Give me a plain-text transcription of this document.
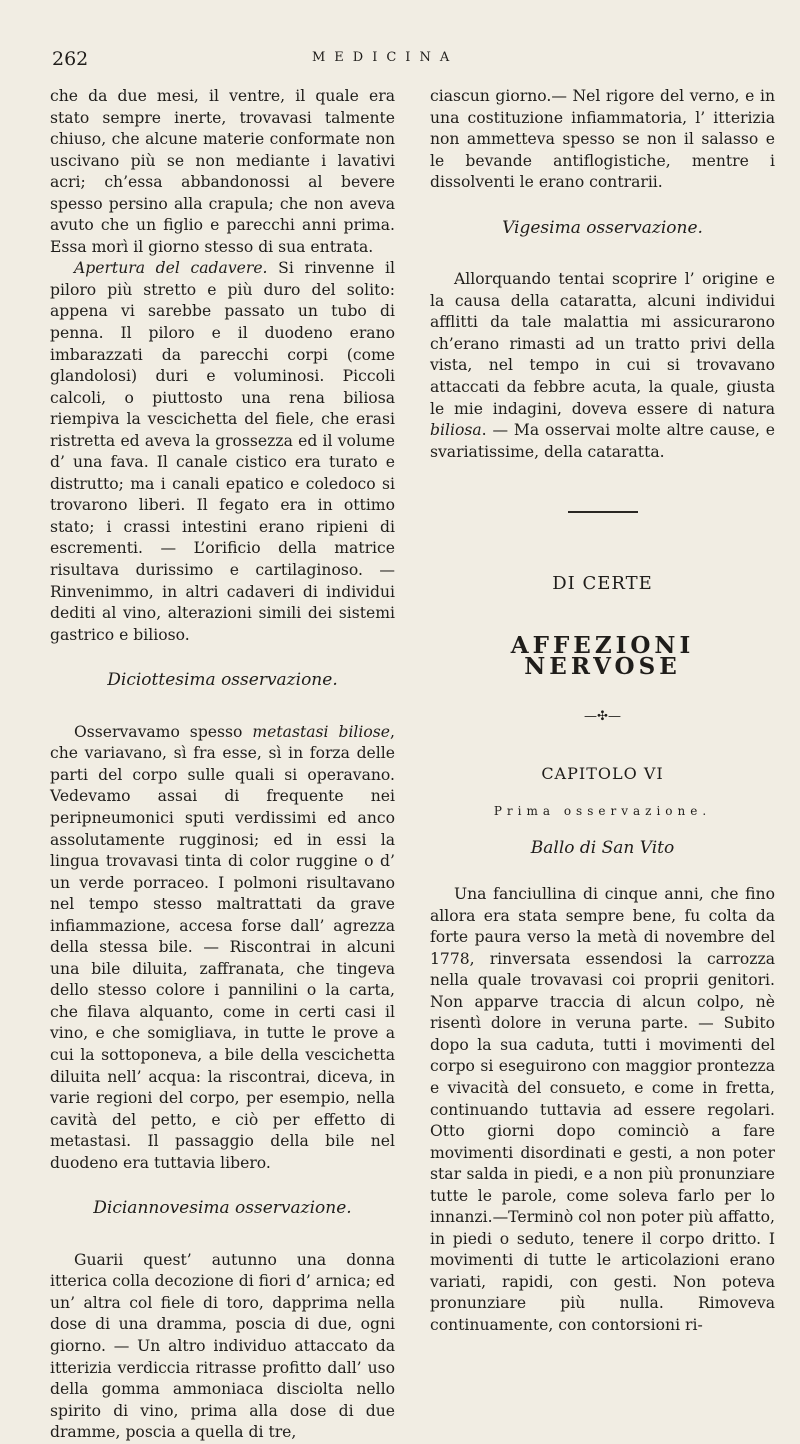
262	MEDICINA

che da due mesi, il ventre, il quale era stato sempre inerte, trovavasi talmente chiuso, che alcune materie conformate non uscivano più se non mediante i lavativi acri; ch’essa abbandonossi al bevere spesso persino alla crapula; che non aveva avuto che un figlio e parecchi anni prima. Essa morì il giorno stesso di sua entrata.

Apertura del cadavere. Si rinvenne il piloro più stretto e più duro del solito: appena vi sarebbe passato un tubo di penna. Il piloro e il duodeno erano imbarazzati da parecchi corpi (come glandolosi) duri e voluminosi. Piccoli calcoli, o piuttosto una rena biliosa riempiva la vescichetta del fiele, che erasi ristretta ed aveva la grossezza ed il volume d’ una fava. Il canale cistico era turato e distrutto; ma i canali epatico e coledoco si trovarono liberi. Il fegato era in ottimo stato; i crassi intestini erano ripieni di escrementi. — L’orificio della matrice risultava durissimo e cartilaginoso. — Rinvenimmo, in altri cadaveri di individui dediti al vino, alterazioni simili dei sistemi gastrico e bilioso.

Diciottesima osservazione.

Osservavamo spesso metastasi biliose, che variavano, sì fra esse, sì in forza delle parti del corpo sulle quali si operavano. Vedevamo assai di frequente nei peripneumonici sputi verdissimi ed anco assolutamente rugginosi; ed in essi la lingua trovavasi tinta di color ruggine o d’ un verde porraceo. I polmoni risultavano nel tempo stesso maltrattati da grave infiammazione, accesa forse dall’ agrezza della stessa bile. — Riscontrai in alcuni una bile diluita, zaffranata, che tingeva dello stesso colore i pannilini o la carta, che filava alquanto, come in certi casi il vino, e che somigliava, in tutte le prove a cui la sottoponeva, a bile della vescichetta diluita nell’ acqua: la riscontrai, diceva, in varie regioni del corpo, per esempio, nella cavità del petto, e ciò per effetto di metastasi. Il passaggio della bile nel duodeno era tuttavia libero.

Diciannovesima osservazione.

Guarii quest’ autunno una donna itterica colla decozione di fiori d’ arnica; ed un’ altra col fiele di toro, dapprima nella dose di una dramma, poscia di due, ogni giorno. — Un altro individuo attaccato da itterizia verdiccia ritrasse profitto dall’ uso della gomma ammoniaca disciolta nello spirito di vino, prima alla dose di due dramme, poscia a quella di tre,

ciascun giorno.— Nel rigore del verno, e in una costituzione infiammatoria, l’ itterizia non ammetteva spesso se non il salasso e le bevande antiflogistiche, mentre i dissolventi le erano contrarii.

Vigesima osservazione.

Allorquando tentai scoprire l’ origine e la causa della cataratta, alcuni individui afflitti da tale malattia mi assicurarono ch’erano rimasti ad un tratto privi della vista, nel tempo in cui si trovavano attaccati da febbre acuta, la quale, giusta le mie indagini, doveva essere di natura biliosa. — Ma osservai molte altre cause, e svariatissime, della cataratta.

DI CERTE
AFFEZIONI NERVOSE
—✣—
CAPITOLO VI
Prima osservazione.
Ballo di San Vito

Una fanciullina di cinque anni, che fino allora era stata sempre bene, fu colta da forte paura verso la metà di novembre del 1778, rinversata essendosi la carrozza nella quale trovavasi coi proprii genitori. Non apparve traccia di alcun colpo, nè risentì dolore in veruna parte. — Subito dopo la sua caduta, tutti i movimenti del corpo si eseguirono con maggior prontezza e vivacità del consueto, e come in fretta, continuando tuttavia ad essere regolari. Otto giorni dopo cominciò a fare movimenti disordinati e gesti, a non poter star salda in piedi, e a non più pronunziare tutte le parole, come soleva farlo per lo innanzi.—Terminò col non poter più affatto, in piedi o seduto, tenere il corpo dritto. I movimenti di tutte le articolazioni erano variati, rapidi, con gesti. Non poteva pronunziare più nulla. Rimoveva continuamente, con contorsioni ri-
